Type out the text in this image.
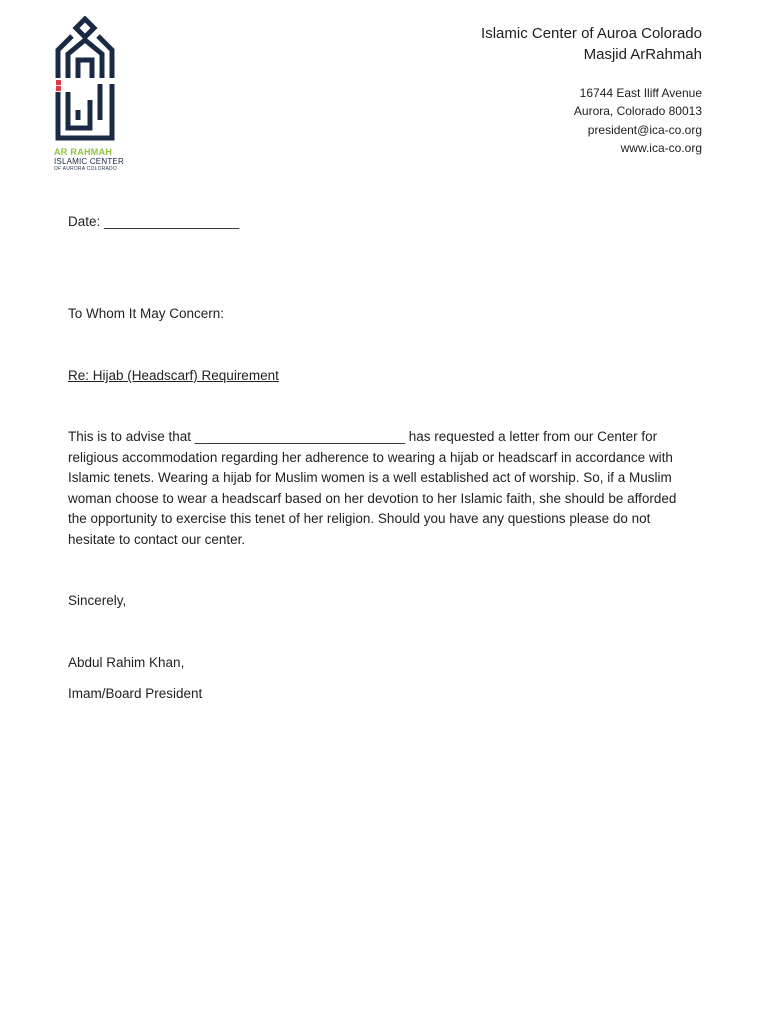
AR RAHMAH
ISLAMIC CENTER
OF AURORA COLORADO
Islamic Center of Auroa Colorado
Masjid ArRahmah
16744 East Iliff Avenue
Aurora, Colorado 80013
president@ica-co.org
www.ica-co.org
Date: __________________
To Whom It May Concern:
Re: Hijab (Headscarf) Requirement
This is to advise that ____________________________ has requested a letter from our Center for religious accommodation regarding her adherence to wearing a hijab or headscarf in accordance with Islamic tenets. Wearing a hijab for Muslim women is a well established act of worship. So, if a Muslim woman choose to wear a headscarf based on her devotion to her Islamic faith, she should be afforded the opportunity to exercise this tenet of her religion. Should you have any questions please do not hesitate to contact our center.
Sincerely,
Abdul Rahim Khan,
Imam/Board President
